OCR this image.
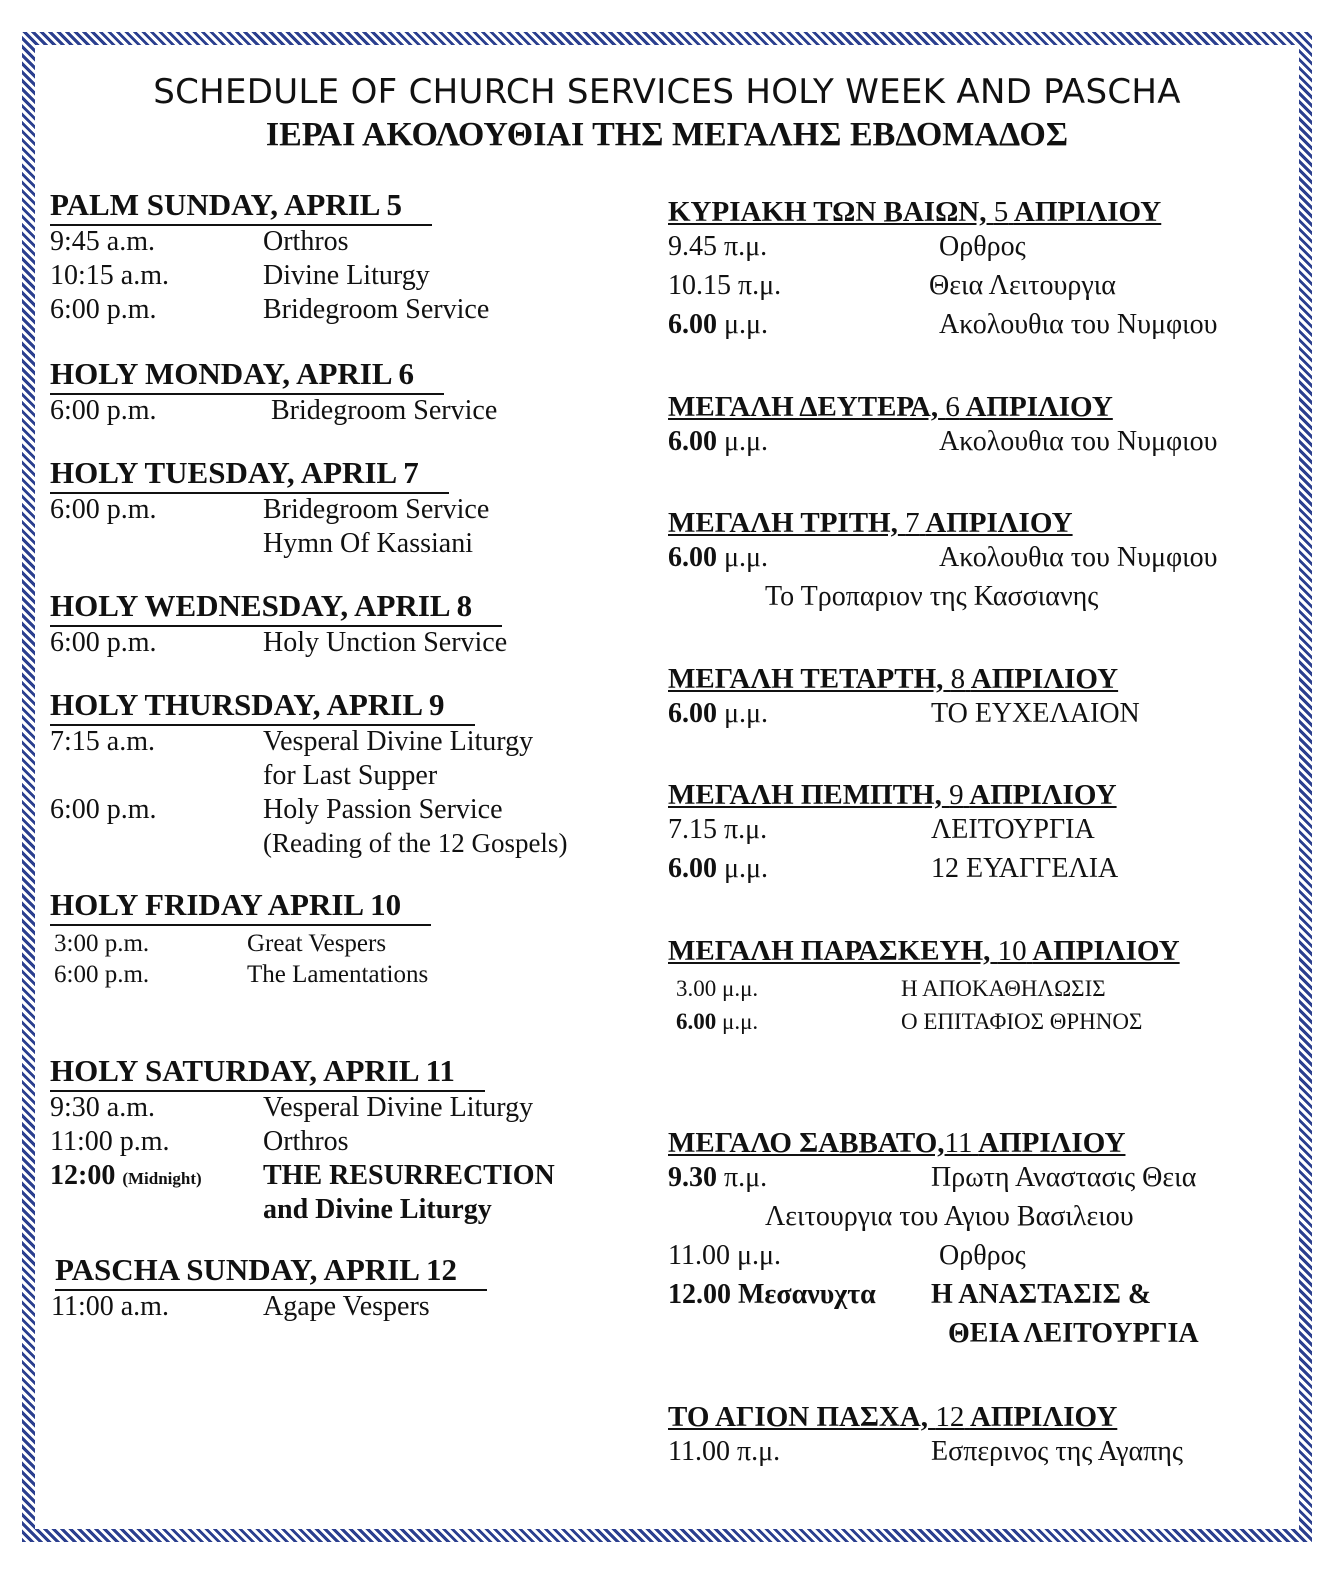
SCHEDULE OF CHURCH SERVICES HOLY WEEK AND PASCHA
ΙΕΡΑΙ ΑΚΟΛΟΥΘΙΑΙ ΤΗΣ ΜΕΓΑΛΗΣ ΕΒΔΟΜΑΔΟΣ
PALM SUNDAY, APRIL 5
9:45 a.m.	Orthros
10:15 a.m.	Divine Liturgy
6:00 p.m.	Bridegroom Service
HOLY MONDAY, APRIL 6
6:00 p.m.	Bridegroom Service
HOLY TUESDAY, APRIL 7
6:00 p.m.	Bridegroom Service
Hymn Of Kassiani
HOLY WEDNESDAY, APRIL 8
6:00 p.m.	Holy Unction Service
HOLY THURSDAY, APRIL 9
7:15 a.m.	Vesperal Divine Liturgy
for Last Supper
6:00 p.m.	Holy Passion Service
(Reading of the 12 Gospels)
HOLY FRIDAY APRIL 10
3:00 p.m.	Great Vespers
6:00 p.m.	The Lamentations
HOLY SATURDAY, APRIL 11
9:30 a.m.	Vesperal Divine Liturgy
11:00 p.m.	Orthros
12:00 (Midnight) THE RESURRECTION
and Divine Liturgy
PASCHA SUNDAY, APRIL 12
11:00 a.m.	Agape Vespers
ΚΥΡΙΑΚΗ ΤΩΝ ΒΑΙΩΝ, 5 ΑΠΡΙΛΙΟΥ
9.45 π.μ.	Ορθρος
10.15 π.μ.	Θεια Λειτουργια
6.00 μ.μ.	Ακολουθια του Νυμφιου
ΜΕΓΑΛΗ ΔΕΥΤΕΡΑ, 6 ΑΠΡΙΛΙΟΥ
6.00 μ.μ.	Ακολουθια του Νυμφιου
ΜΕΓΑΛΗ ΤΡΙΤΗ, 7 ΑΠΡΙΛΙΟΥ
6.00 μ.μ.	Ακολουθια του Νυμφιου
Το Τροπαριον της Κασσιανης
ΜΕΓΑΛΗ ΤΕΤΑΡΤΗ, 8 ΑΠΡΙΛΙΟΥ
6.00 μ.μ.	ΤΟ ΕΥΧΕΛΑΙΟΝ
ΜΕΓΑΛΗ ΠΕΜΠΤΗ, 9 ΑΠΡΙΛΙΟΥ
7.15 π.μ.	ΛΕΙΤΟΥΡΓΙΑ
6.00 μ.μ.	12 ΕΥΑΓΓΕΛΙΑ
ΜΕΓΑΛΗ ΠΑΡΑΣΚΕΥΗ, 10 ΑΠΡΙΛΙΟΥ
3.00 μ.μ.	Η ΑΠΟΚΑΘΗΛΩΣΙΣ
6.00 μ.μ.	Ο ΕΠΙΤΑΦΙΟΣ ΘΡΗΝΟΣ
ΜΕΓΑΛΟ ΣΑΒΒΑΤΟ,11 ΑΠΡΙΛΙΟΥ
9.30 π.μ.	Πρωτη Αναστασις Θεια
Λειτουργια του Αγιου Βασιλειου
11.00 μ.μ.	Ορθρος
12.00 Μεσανυχτα Η ΑΝΑΣΤΑΣΙΣ &
ΘΕΙΑ ΛΕΙΤΟΥΡΓΙΑ
ΤΟ ΑΓΙΟΝ ΠΑΣΧΑ, 12 ΑΠΡΙΛΙΟΥ
11.00 π.μ.	Εσπερινος της Αγαπης
